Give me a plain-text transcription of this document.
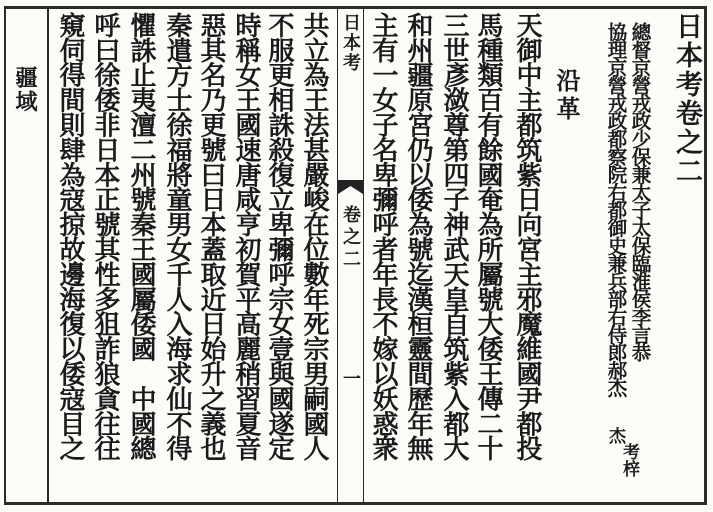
日本考卷之二
總督京營戎政少保兼太子太保臨淮侯李言恭
協理京營戎政都察院右都御史兼兵部右侍郎郝杰
考梓
杰
沿革
天御中主都筑紫日向宮主邪魔維國尹都投
馬種類百有餘國奄為所屬號大倭王傳二十
三世彥潋尊第四子神武天皇自筑紫入都大
和州疆原宮仍以倭為號迄漢桓靈間歷年無
主有一女子名卑彌呼者年長不嫁以妖惑衆
日本考
卷之二
一
共立為王法甚嚴峻在位數年死宗男嗣國人
不服更相誅殺復立卑彌呼宗女壹與國遂定
時稱女王國速唐咸亨初賀平高麗稍習夏音
惡其名乃更號曰日本蓋取近日始升之義也
秦遣方士徐福將童男女千人入海求仙不得
懼誅止夷澶二州號秦王國屬倭國　中國總
呼曰徐倭非日本正號其性多狙詐狼貪往往
窺伺得間則肆為寇掠故邊海復以倭寇目之
疆域
